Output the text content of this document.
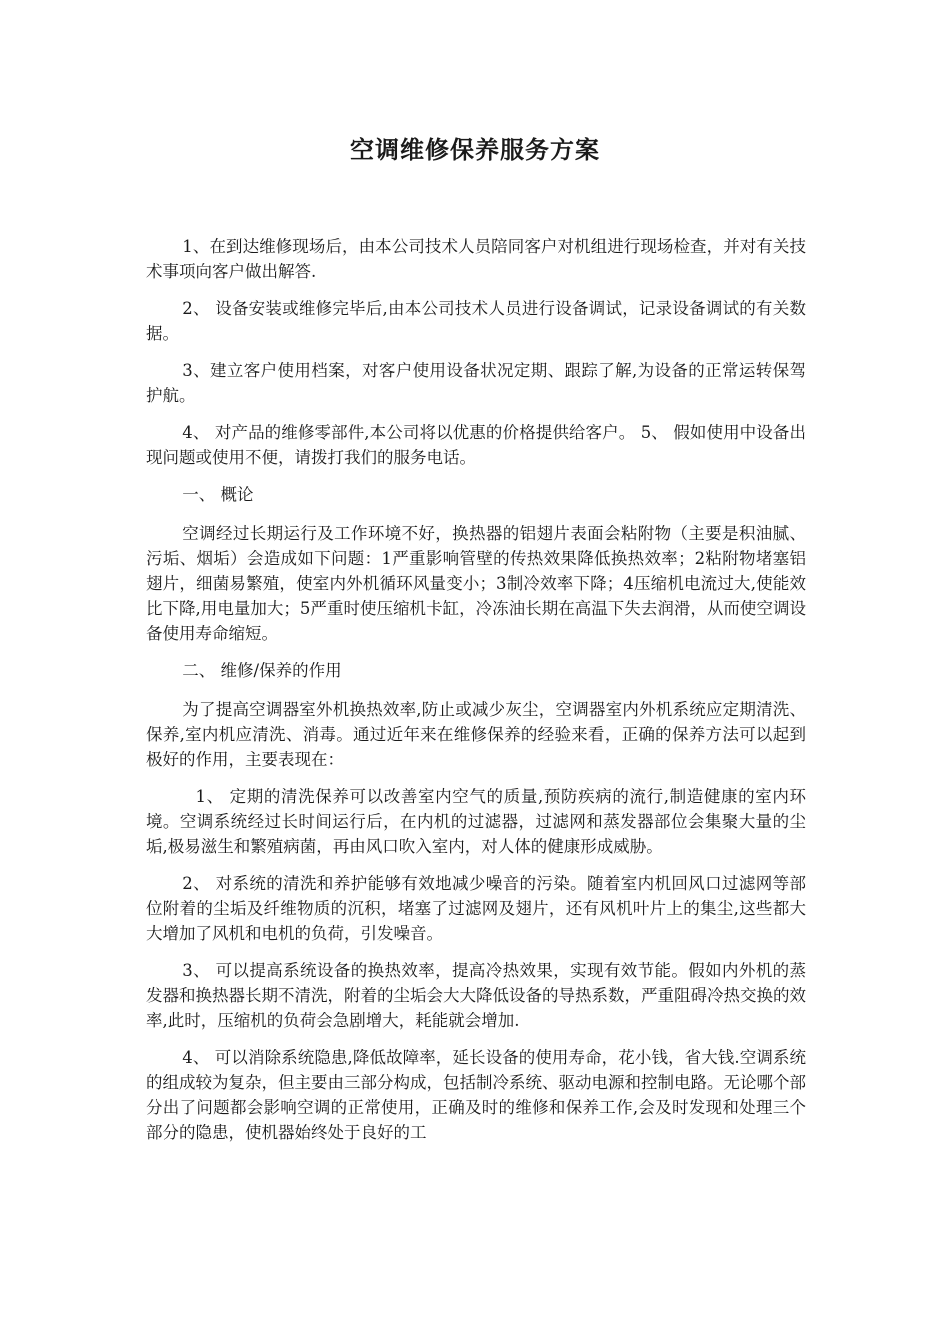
空调维修保养服务方案

1、在到达维修现场后，由本公司技术人员陪同客户对机组进行现场检查，并对有关技术事项向客户做出解答.

2、 设备安装或维修完毕后,由本公司技术人员进行设备调试，记录设备调试的有关数据。

3、建立客户使用档案，对客户使用设备状况定期、跟踪了解,为设备的正常运转保驾护航。

4、 对产品的维修零部件,本公司将以优惠的价格提供给客户。 5、 假如使用中设备出现问题或使用不便，请拨打我们的服务电话。

一、 概论

空调经过长期运行及工作环境不好，换热器的铝翅片表面会粘附物（主要是积油腻、污垢、烟垢）会造成如下问题：1严重影响管壁的传热效果降低换热效率；2粘附物堵塞铝翅片，细菌易繁殖，使室内外机循环风量变小；3制冷效率下降；4压缩机电流过大,使能效比下降,用电量加大；5严重时使压缩机卡缸，冷冻油长期在高温下失去润滑，从而使空调设备使用寿命缩短。

二、 维修/保养的作用

为了提高空调器室外机换热效率,防止或减少灰尘，空调器室内外机系统应定期清洗、保养,室内机应清洗、消毒。通过近年来在维修保养的经验来看，正确的保养方法可以起到极好的作用，主要表现在：

1、 定期的清洗保养可以改善室内空气的质量,预防疾病的流行,制造健康的室内环境。空调系统经过长时间运行后，在内机的过滤器，过滤网和蒸发器部位会集聚大量的尘垢,极易滋生和繁殖病菌，再由风口吹入室内，对人体的健康形成威胁。

2、 对系统的清洗和养护能够有效地减少噪音的污染。随着室内机回风口过滤网等部位附着的尘垢及纤维物质的沉积，堵塞了过滤网及翅片，还有风机叶片上的集尘,这些都大大增加了风机和电机的负荷，引发噪音。

3、 可以提高系统设备的换热效率，提高冷热效果，实现有效节能。假如内外机的蒸发器和换热器长期不清洗，附着的尘垢会大大降低设备的导热系数，严重阻碍冷热交换的效率,此时，压缩机的负荷会急剧增大，耗能就会增加.

4、 可以消除系统隐患,降低故障率，延长设备的使用寿命，花小钱，省大钱.空调系统的组成较为复杂，但主要由三部分构成，包括制冷系统、驱动电源和控制电路。无论哪个部分出了问题都会影响空调的正常使用，正确及时的维修和保养工作,会及时发现和处理三个部分的隐患，使机器始终处于良好的工
